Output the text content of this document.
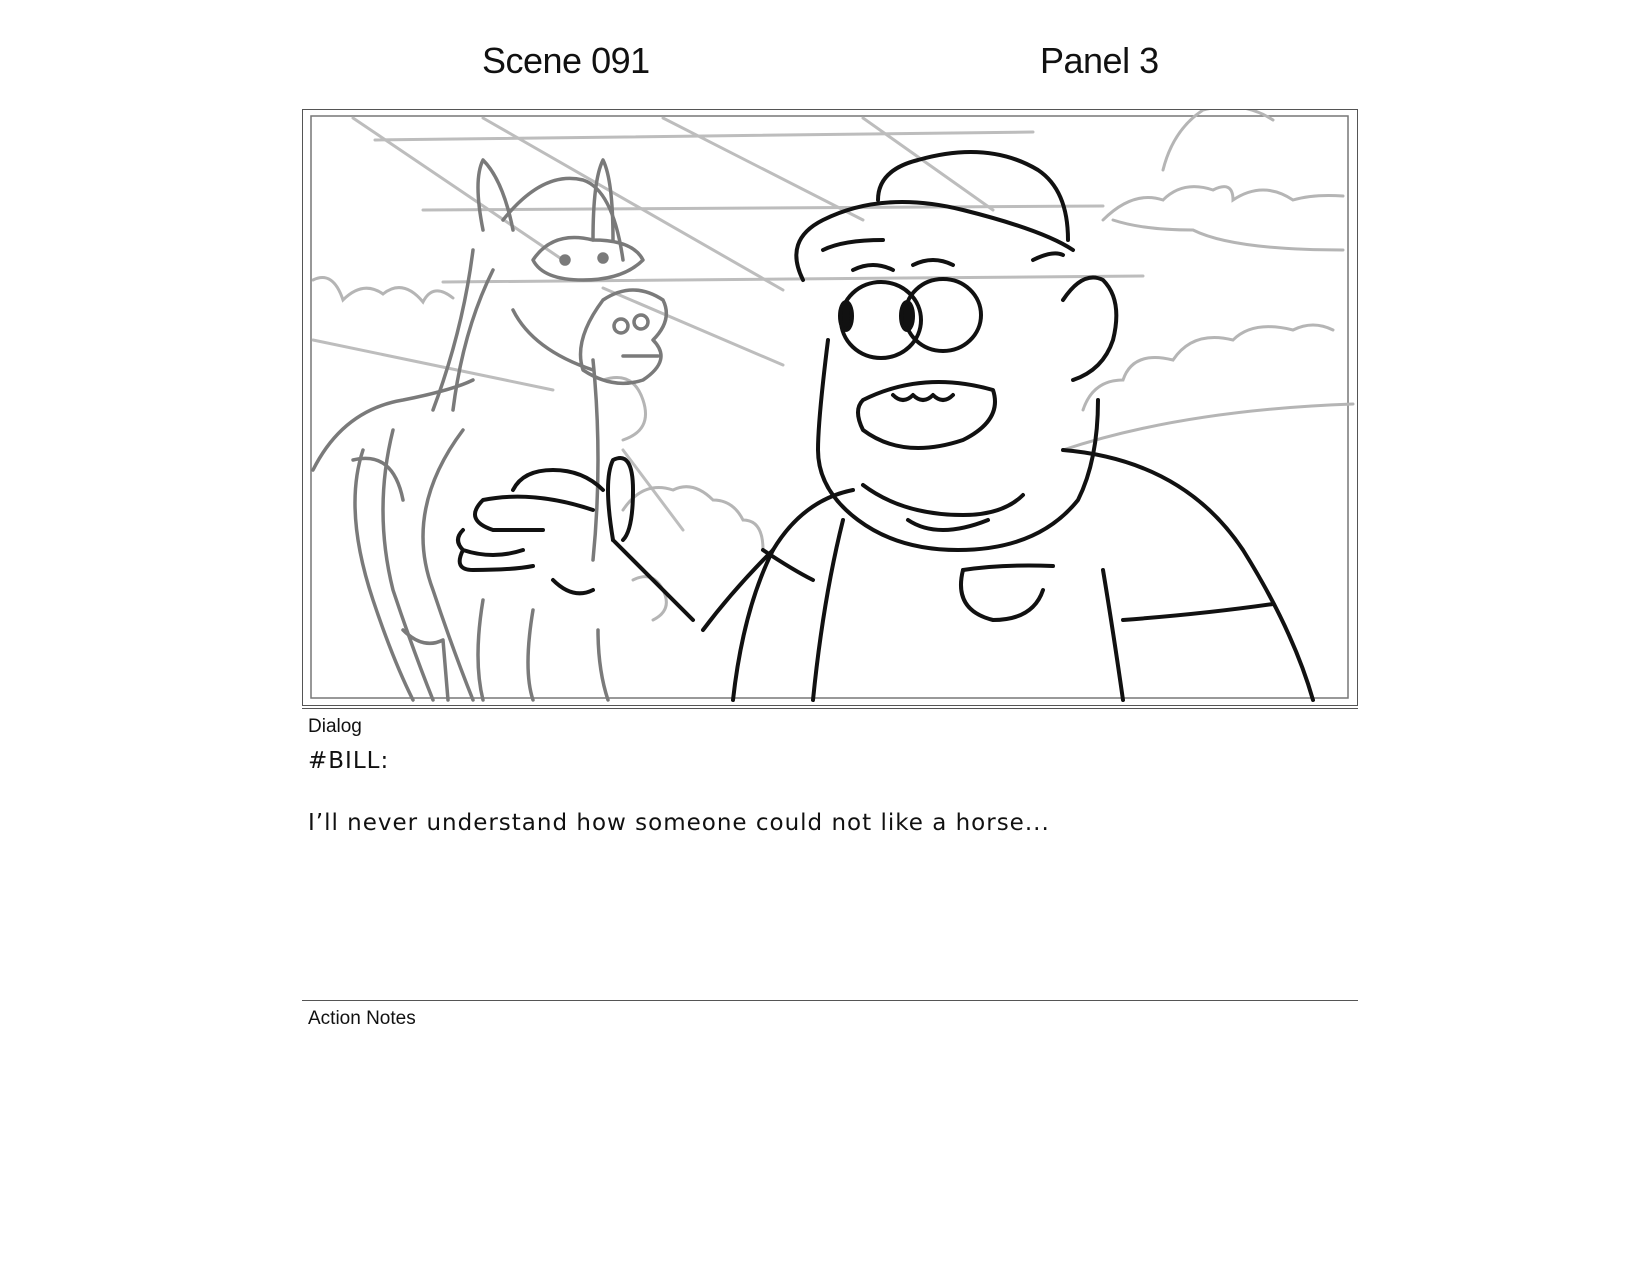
Scene 091	Panel 3
Dialog
#BILL:
I’ll never understand how someone could not like a horse...
Action Notes
